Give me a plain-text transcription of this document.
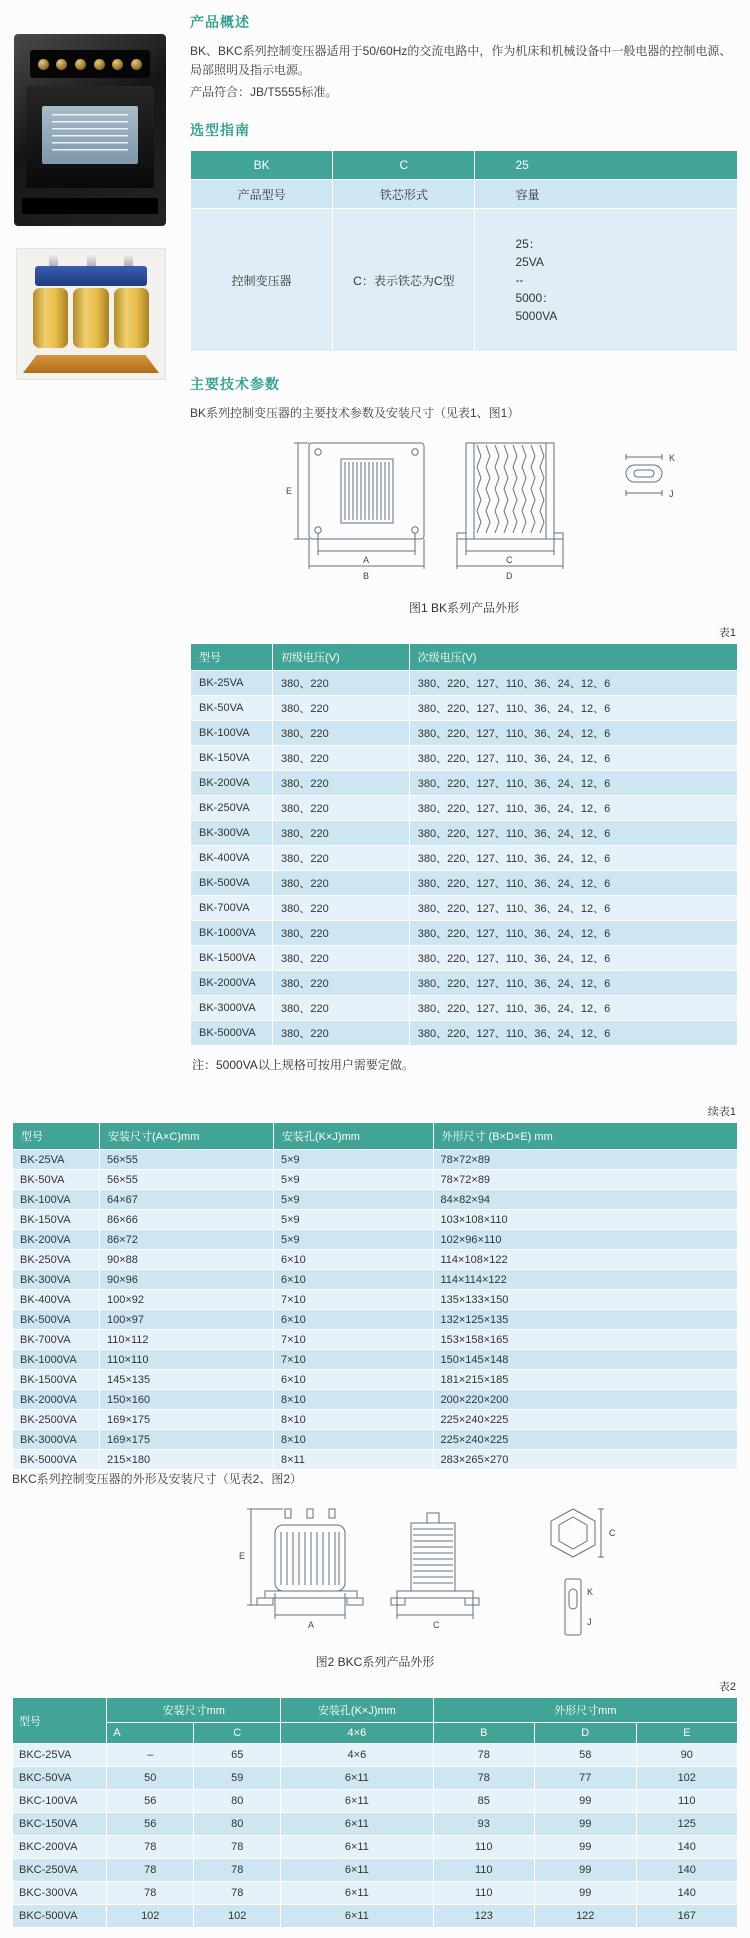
产品概述

BK、BKC系列控制变压器适用于50/60Hz的交流电路中，作为机床和机械设备中一般电器的控制电源、局部照明及指示电源。

产品符合：JB/T5555标准。

选型指南
BK	C	25
产品型号	铁芯形式	容量
控制变压器	C：表示铁芯为C型	25：
25VA
--
5000：
5000VA
主要技术参数

BK系列控制变压器的主要技术参数及安装尺寸（见表1、图1）

E
A
B
C
D
K
J
图1 BK系列产品外形
表1
型号	初级电压(V)	次级电压(V)
BK-25VA	380、220	380、220、127、110、36、24、12、6
BK-50VA	380、220	380、220、127、110、36、24、12、6
BK-100VA	380、220	380、220、127、110、36、24、12、6
BK-150VA	380、220	380、220、127、110、36、24、12、6
BK-200VA	380、220	380、220、127、110、36、24、12、6
BK-250VA	380、220	380、220、127、110、36、24、12、6
BK-300VA	380、220	380、220、127、110、36、24、12、6
BK-400VA	380、220	380、220、127、110、36、24、12、6
BK-500VA	380、220	380、220、127、110、36、24、12、6
BK-700VA	380、220	380、220、127、110、36、24、12、6
BK-1000VA	380、220	380、220、127、110、36、24、12、6
BK-1500VA	380、220	380、220、127、110、36、24、12、6
BK-2000VA	380、220	380、220、127、110、36、24、12、6
BK-3000VA	380、220	380、220、127、110、36、24、12、6
BK-5000VA	380、220	380、220、127、110、36、24、12、6

注：5000VA以上规格可按用户需要定做。

续表1
型号	安装尺寸(A×C)mm	安装孔(K×J)mm	外形尺寸 (B×D×E) mm
BK-25VA	56×55	5×9	78×72×89
BK-50VA	56×55	5×9	78×72×89
BK-100VA	64×67	5×9	84×82×94
BK-150VA	86×66	5×9	103×108×110
BK-200VA	86×72	5×9	102×96×110
BK-250VA	90×88	6×10	114×108×122
BK-300VA	90×96	6×10	114×114×122
BK-400VA	100×92	7×10	135×133×150
BK-500VA	100×97	6×10	132×125×135
BK-700VA	110×112	7×10	153×158×165
BK-1000VA	110×110	7×10	150×145×148
BK-1500VA	145×135	6×10	181×215×185
BK-2000VA	150×160	8×10	200×220×200
BK-2500VA	169×175	8×10	225×240×225
BK-3000VA	169×175	8×10	225×240×225
BK-5000VA	215×180	8×11	283×265×270

BKC系列控制变压器的外形及安装尺寸（见表2、图2）

E
A	C
C
K
J
图2 BKC系列产品外形
表2
型号	安装尺寸mm		安装孔(K×J)mm	外形尺寸mm		
	A	C	4×6	B	D	E
BKC-25VA	–	65	4×6	78	58	90
BKC-50VA	50	59	6×11	78	77	102
BKC-100VA	56	80	6×11	85	99	110
BKC-150VA	56	80	6×11	93	99	125
BKC-200VA	78	78	6×11	110	99	140
BKC-250VA	78	78	6×11	110	99	140
BKC-300VA	78	78	6×11	110	99	140
BKC-500VA	102	102	6×11	123	122	167
